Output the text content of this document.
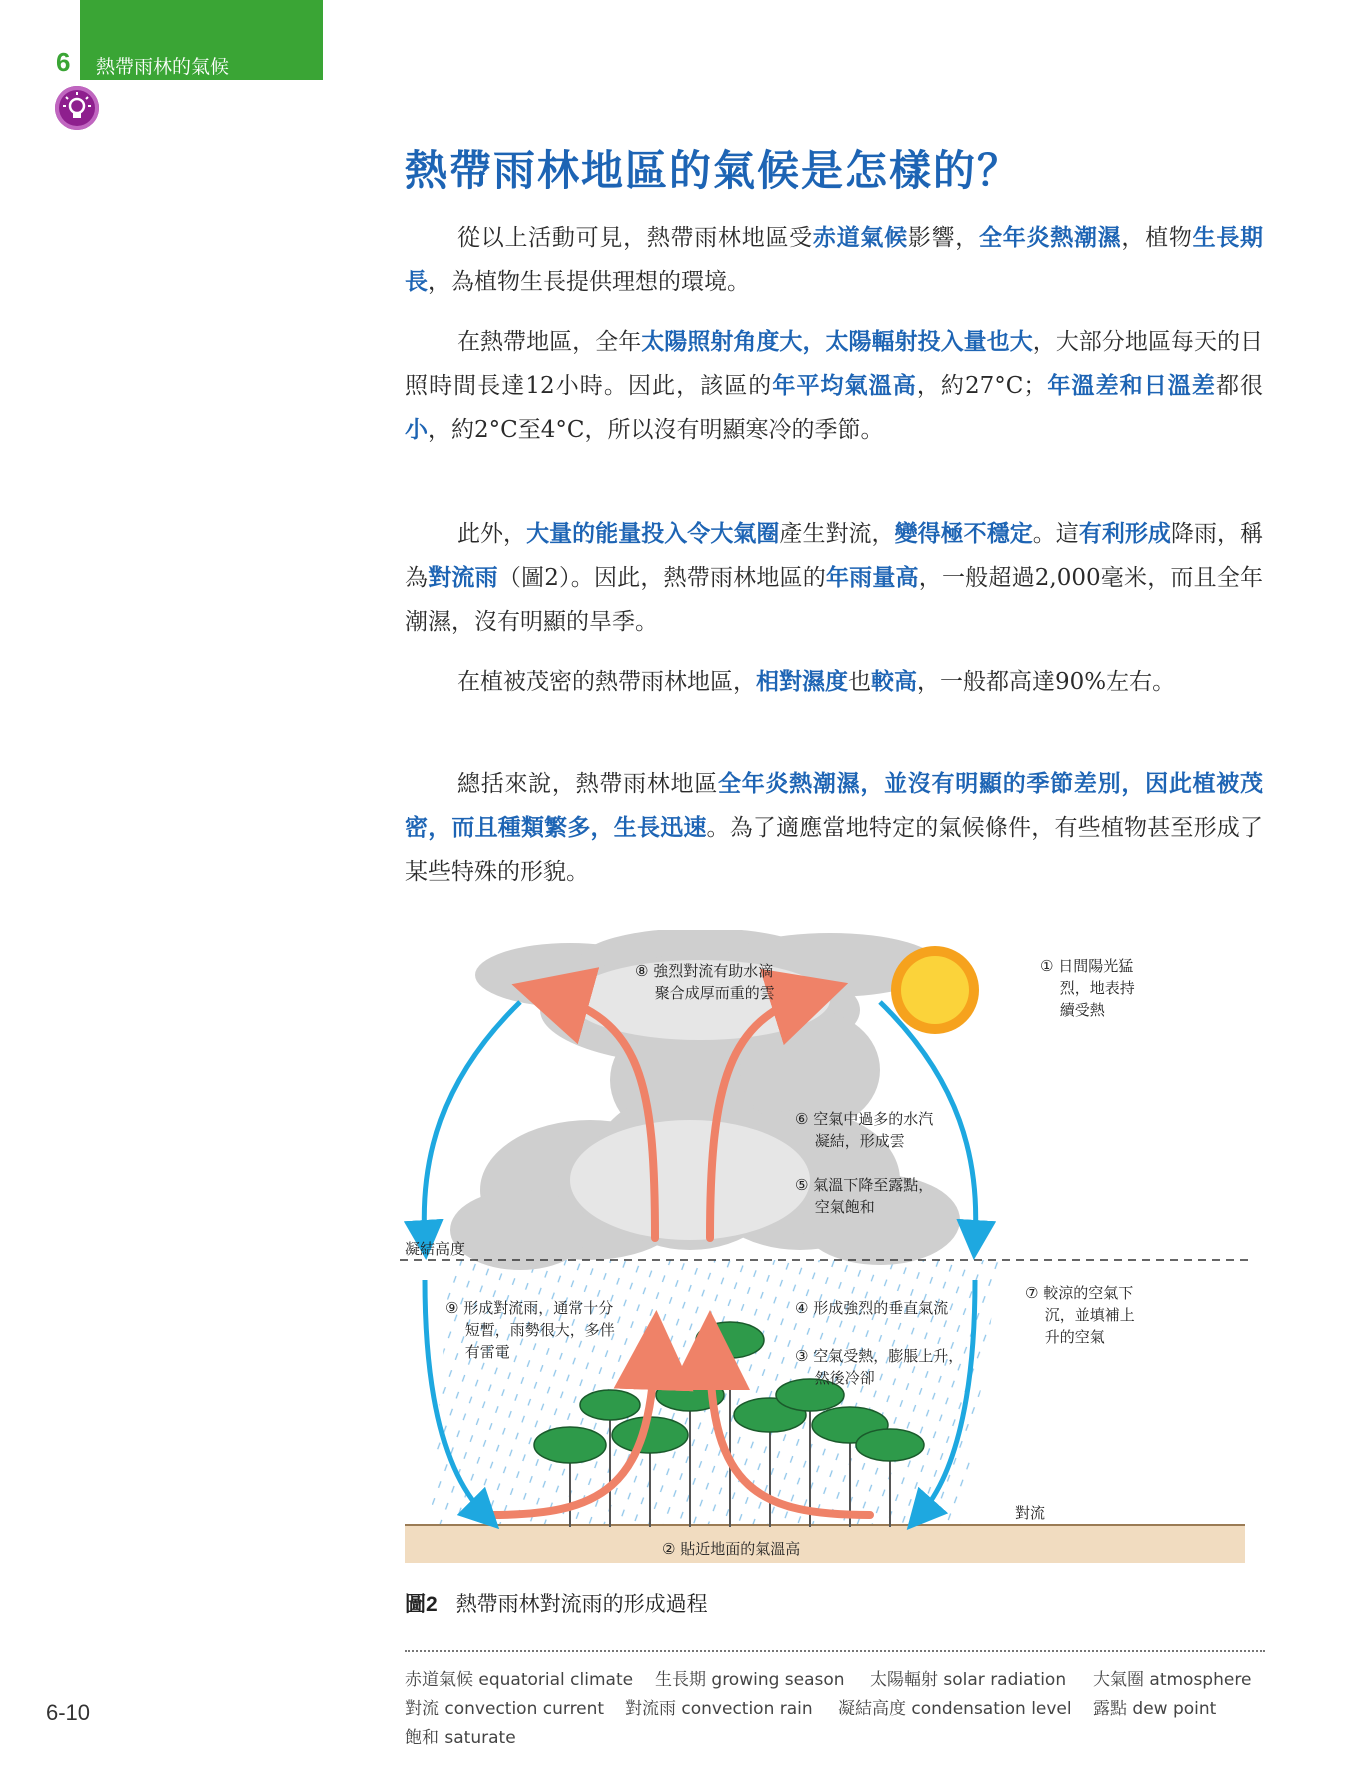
6 熱帶雨林的氣候
熱帶雨林地區的氣候是怎樣的？

從以上活動可見，熱帶雨林地區受赤道氣候影響，全年炎熱潮濕，植物生長期長，為植物生長提供理想的環境。

在熱帶地區，全年太陽照射角度大，太陽輻射投入量也大，大部分地區每天的日照時間長達12小時。因此，該區的年平均氣溫高，約27°C；年溫差和日溫差都很小，約2°C至4°C，所以沒有明顯寒冷的季節。

此外，大量的能量投入令大氣圈產生對流，變得極不穩定。這有利形成降雨，稱為對流雨（圖2）。因此，熱帶雨林地區的年雨量高，一般超過2,000毫米，而且全年潮濕，沒有明顯的旱季。

在植被茂密的熱帶雨林地區，相對濕度也較高，一般都高達90%左右。

總括來說，熱帶雨林地區全年炎熱潮濕，並沒有明顯的季節差別，因此植被茂密，而且種類繁多，生長迅速。為了適應當地特定的氣候條件，有些植物甚至形成了某些特殊的形貌。

① 日間陽光猛
　 烈，地表持
　 續受熱
② 貼近地面的氣溫高
③ 空氣受熱，膨脹上升，
　 然後冷卻
④ 形成強烈的垂直氣流
⑤ 氣溫下降至露點，
　 空氣飽和
⑥ 空氣中過多的水汽
　 凝結，形成雲
⑦ 較涼的空氣下
　 沉，並填補上
　 升的空氣
⑧ 強烈對流有助水滴
　 聚合成厚而重的雲
⑨ 形成對流雨，通常十分
　 短暫，雨勢很大，多伴
　 有雷電
凝結高度
對流
圖2 熱帶雨林對流雨的形成過程
赤道氣候 equatorial climate 生長期 growing season 太陽輻射 solar radiation 大氣圈 atmosphere
對流 convection current 對流雨 convection rain 凝結高度 condensation level 露點 dew point
飽和 saturate
6-10
